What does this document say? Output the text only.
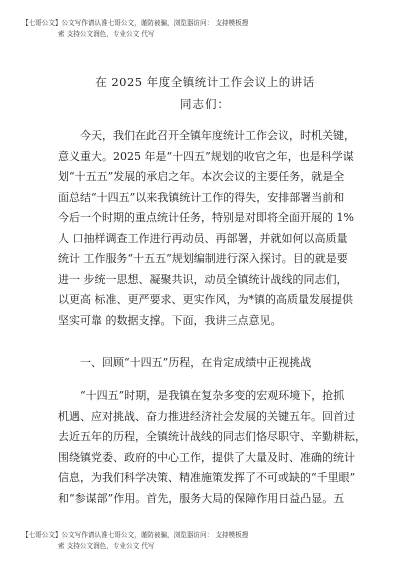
【七哥公文】公文写作请认准七哥公文，谨防被骗，浏览器访问： 支持模板搜
索 支持公文润色，专业公文 代写
在 2025 年度全镇统计工作会议上的讲话
同志们：
今天，我们在此召开全镇年度统计工作会议，时机关键，
意义重大。2025 年是“十四五”规划的收官之年，也是科学谋
划“十五五”发展的承启之年。本次会议的主要任务，就是全
面总结“十四五”以来我镇统计工作的得失，安排部署当前和
今后一个时期的重点统计任务，特别是对即将全面开展的 1%
人 口抽样调查工作进行再动员、再部署，并就如何以高质量
统计 工作服务“十五五”规划编制进行深入探讨。目的就是要
进一 步统一思想、凝聚共识，动员全镇统计战线的同志们，
以更高 标准、更严要求、更实作风，为*镇的高质量发展提供
坚实可靠 的数据支撑。下面，我讲三点意见。
一、回顾“十四五”历程，在肯定成绩中正视挑战
“十四五”时期，是我镇在复杂多变的宏观环境下，抢抓
机遇、应对挑战、奋力推进经济社会发展的关键五年。回首过
去近五年的历程，全镇统计战线的同志们恪尽职守、辛勤耕耘，
围绕镇党委、政府的中心工作，提供了大量及时、准确的统计
信息，为我们科学决策、精准施策发挥了不可或缺的“千里眼”
和“参谋部”作用。首先，服务大局的保障作用日益凸显。五
【七哥公文】公文写作请认准七哥公文，谨防被骗，浏览器访问： 支持模板搜
索 支持公文润色，专业公文 代写
